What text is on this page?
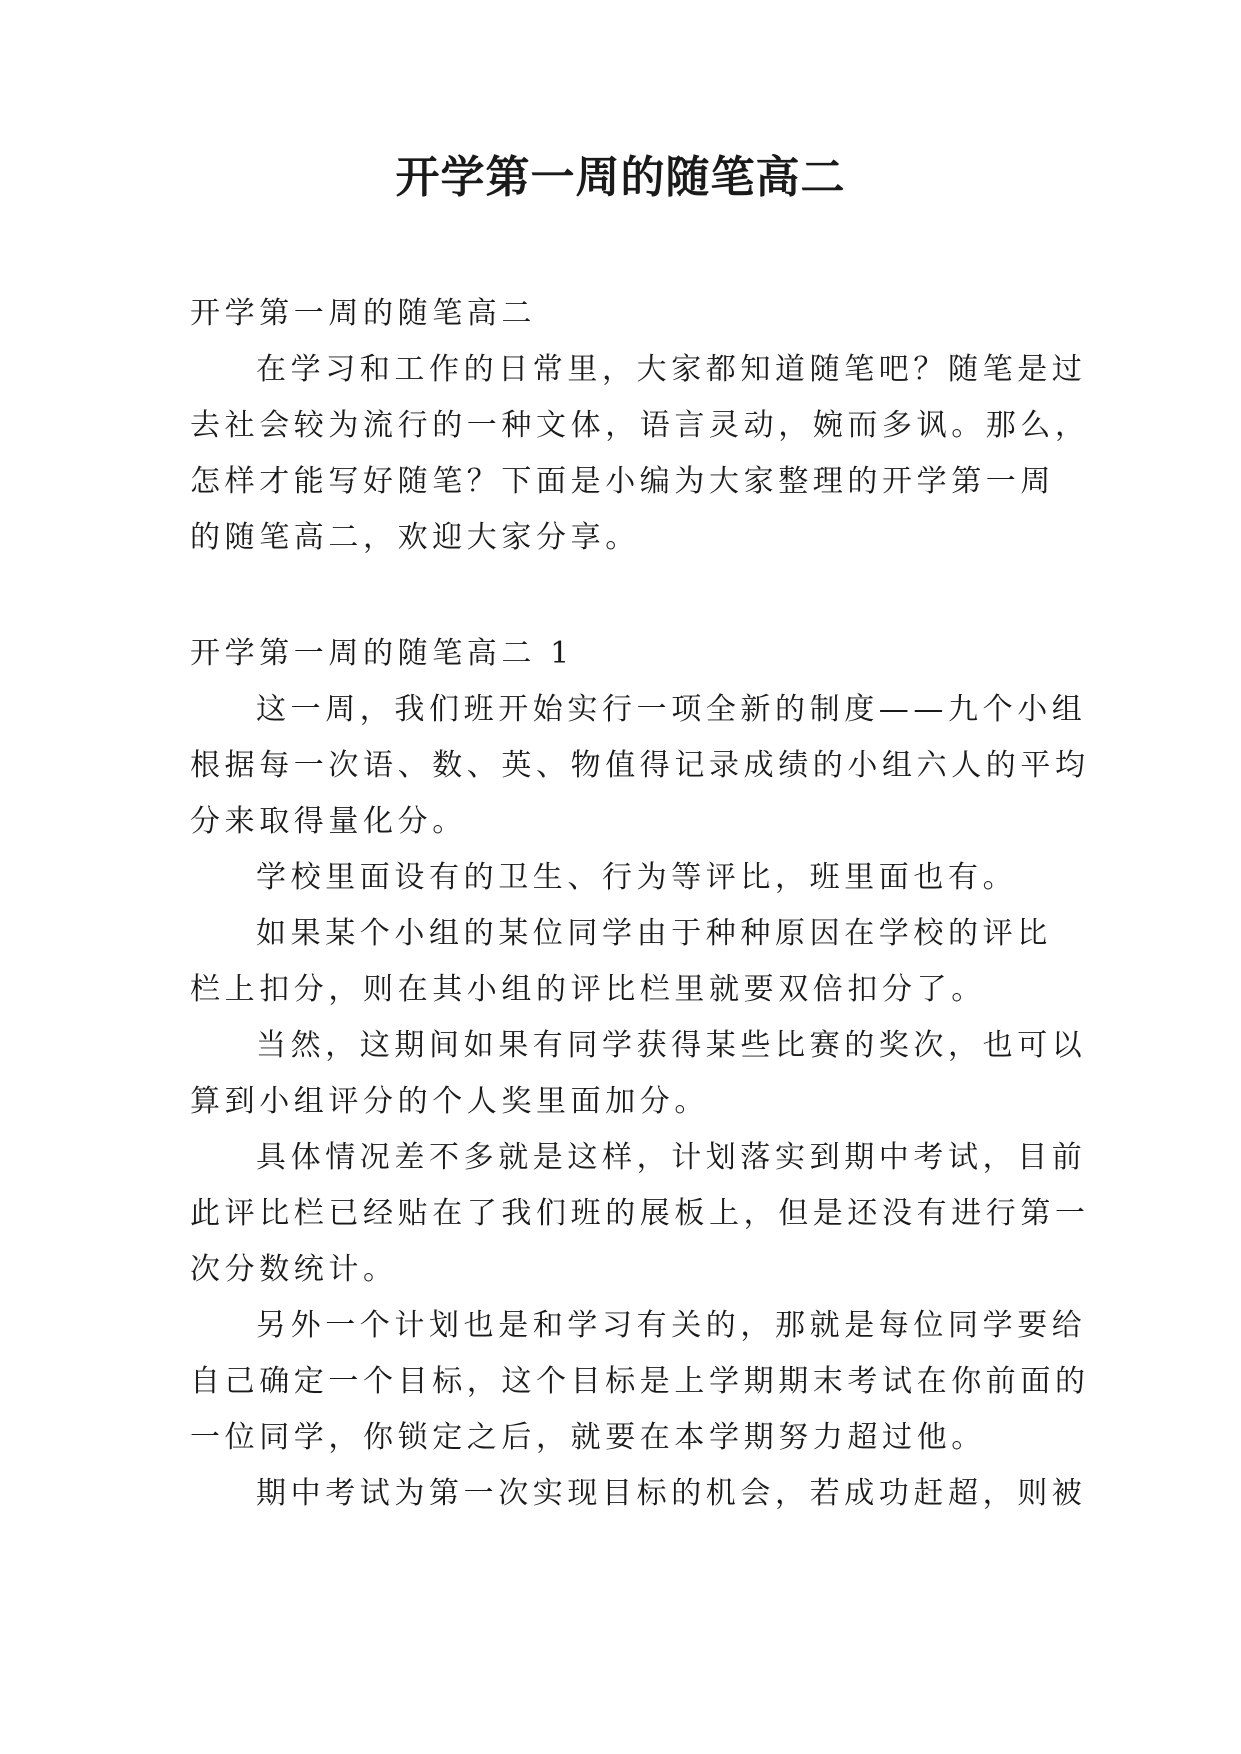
开学第一周的随笔高二

开学第一周的随笔高二

在学习和工作的日常里，大家都知道随笔吧？随笔是过

去社会较为流行的一种文体，语言灵动，婉而多讽。那么，

怎样才能写好随笔？下面是小编为大家整理的开学第一周

的随笔高二，欢迎大家分享。

开学第一周的随笔高二 1

这一周，我们班开始实行一项全新的制度——九个小组

根据每一次语、数、英、物值得记录成绩的小组六人的平均

分来取得量化分。

学校里面设有的卫生、行为等评比，班里面也有。

如果某个小组的某位同学由于种种原因在学校的评比

栏上扣分，则在其小组的评比栏里就要双倍扣分了。

当然，这期间如果有同学获得某些比赛的奖次，也可以

算到小组评分的个人奖里面加分。

具体情况差不多就是这样，计划落实到期中考试，目前

此评比栏已经贴在了我们班的展板上，但是还没有进行第一

次分数统计。

另外一个计划也是和学习有关的，那就是每位同学要给

自己确定一个目标，这个目标是上学期期末考试在你前面的

一位同学，你锁定之后，就要在本学期努力超过他。

期中考试为第一次实现目标的机会，若成功赶超，则被
